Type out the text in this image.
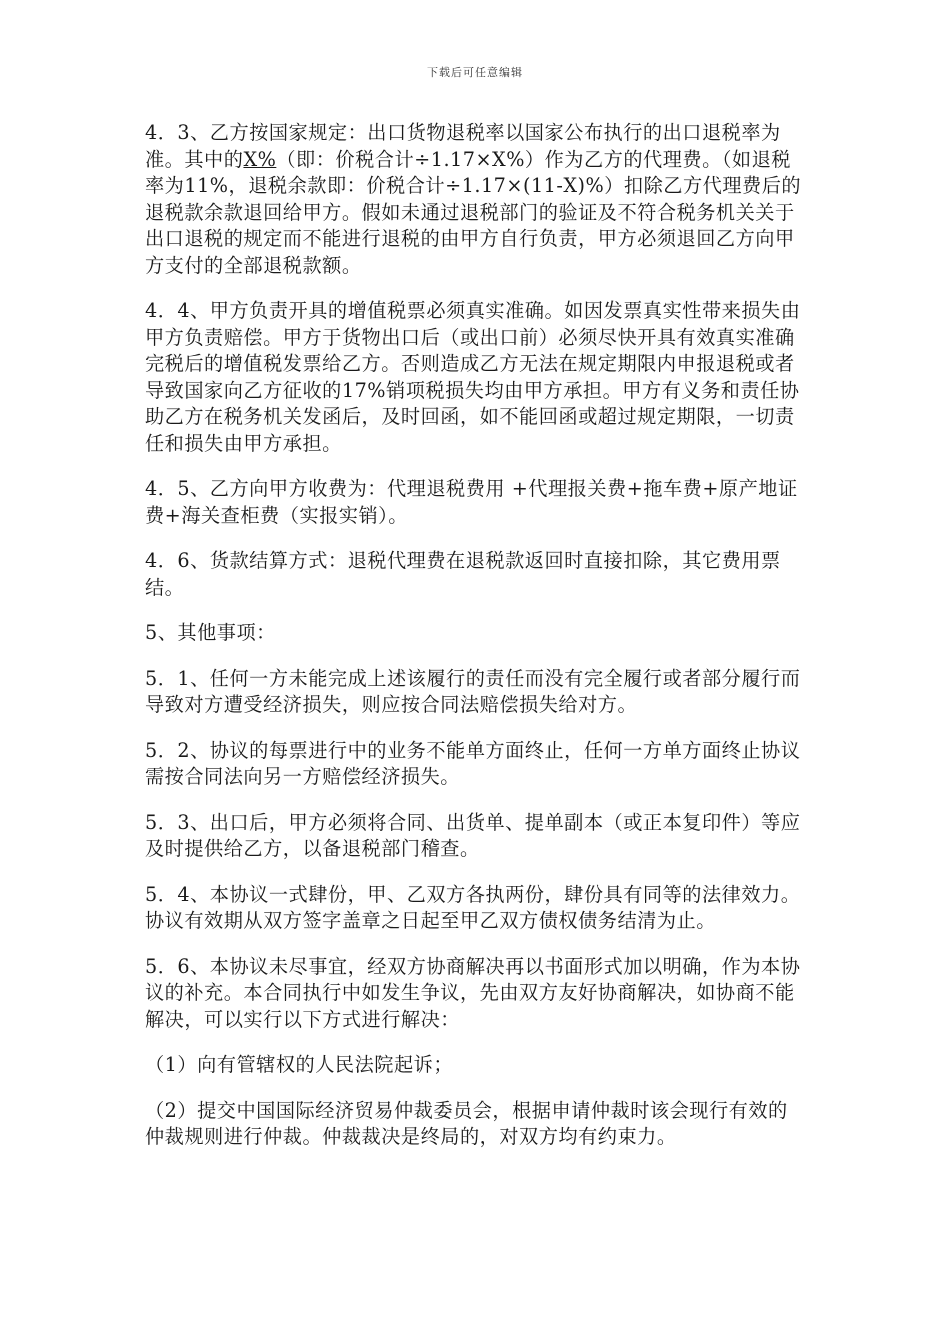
下载后可任意编辑

4．3、乙方按国家规定：出口货物退税率以国家公布执行的出口退税率为准。其中的X%（即：价税合计÷1.17×X%）作为乙方的代理费。（如退税率为11%，退税余款即：价税合计÷1.17×(11-X)%）扣除乙方代理费后的退税款余款退回给甲方。假如未通过退税部门的验证及不符合税务机关关于出口退税的规定而不能进行退税的由甲方自行负责，甲方必须退回乙方向甲方支付的全部退税款额。

4．4、甲方负责开具的增值税票必须真实准确。如因发票真实性带来损失由甲方负责赔偿。甲方于货物出口后（或出口前）必须尽快开具有效真实准确完税后的增值税发票给乙方。否则造成乙方无法在规定期限内申报退税或者导致国家向乙方征收的17%销项税损失均由甲方承担。甲方有义务和责任协助乙方在税务机关发函后，及时回函，如不能回函或超过规定期限，一切责任和损失由甲方承担。

4．5、乙方向甲方收费为：代理退税费用 +代理报关费+拖车费+原产地证费+海关查柜费（实报实销）。

4．6、货款结算方式：退税代理费在退税款返回时直接扣除，其它费用票结。

5、其他事项：

5．1、任何一方未能完成上述该履行的责任而没有完全履行或者部分履行而导致对方遭受经济损失，则应按合同法赔偿损失给对方。

5．2、协议的每票进行中的业务不能单方面终止，任何一方单方面终止协议需按合同法向另一方赔偿经济损失。

5．3、出口后，甲方必须将合同、出货单、提单副本（或正本复印件）等应及时提供给乙方，以备退税部门稽查。

5．4、本协议一式肆份，甲、乙双方各执两份，肆份具有同等的法律效力。协议有效期从双方签字盖章之日起至甲乙双方债权债务结清为止。

5．6、本协议未尽事宜，经双方协商解决再以书面形式加以明确，作为本协议的补充。本合同执行中如发生争议，先由双方友好协商解决，如协商不能解决，可以实行以下方式进行解决：

（1）向有管辖权的人民法院起诉；

（2）提交中国国际经济贸易仲裁委员会，根据申请仲裁时该会现行有效的仲裁规则进行仲裁。仲裁裁决是终局的，对双方均有约束力。
